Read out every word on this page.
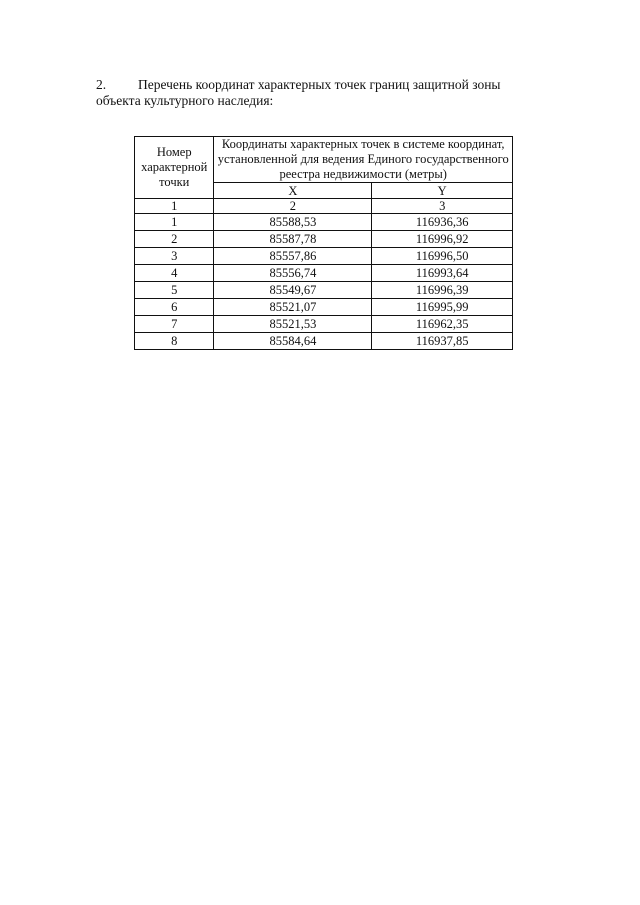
2. Перечень координат характерных точек границ защитной зоны объекта культурного наследия:

Номер характерной точки	Координаты характерных точек в системе координат, установленной для ведения Единого государственного реестра недвижимости (метры)	
	X	Y
1	2	3
1	85588,53	116936,36
2	85587,78	116996,92
3	85557,86	116996,50
4	85556,74	116993,64
5	85549,67	116996,39
6	85521,07	116995,99
7	85521,53	116962,35
8	85584,64	116937,85
